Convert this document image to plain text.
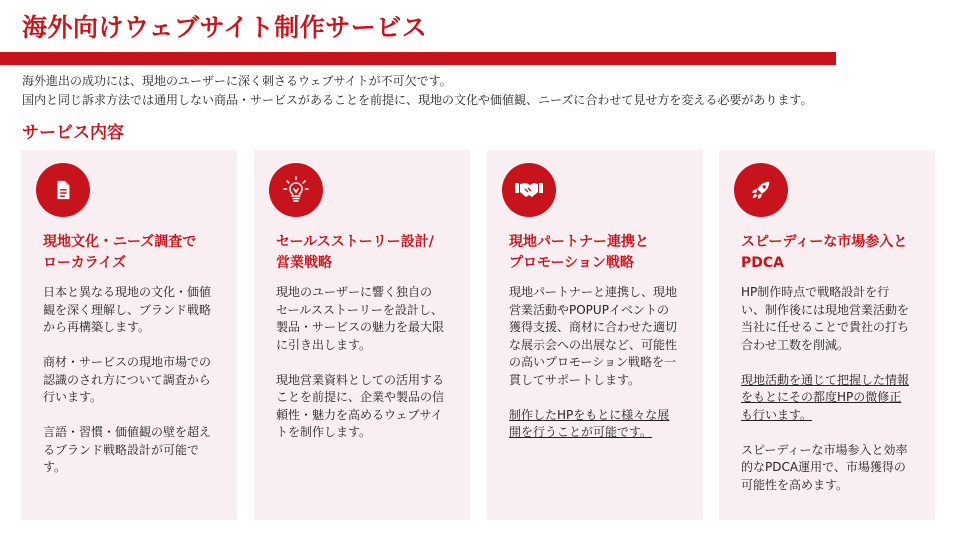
海外向けウェブサイト制作サービス
海外進出の成功には、現地のユーザーに深く刺さるウェブサイトが不可欠です。
国内と同じ訴求方法では通用しない商品・サービスがあることを前提に、現地の文化や価値観、ニーズに合わせて見せ方を変える必要があります。
サービス内容
現地文化・ニーズ調査で
ローカライズ
日本と異なる現地の文化・価値
観を深く理解し、ブランド戦略
から再構築します。
商材・サービスの現地市場での
認識のされ方について調査から
行います。
言語・習慣・価値観の壁を超え
るブランド戦略設計が可能で
す。
セールスストーリー設計/
営業戦略
現地のユーザーに響く独自の
セールスストーリーを設計し、
製品・サービスの魅力を最大限
に引き出します。
現地営業資料としての活用する
ことを前提に、企業や製品の信
頼性・魅力を高めるウェブサイ
トを制作します。
現地パートナー連携と
プロモーション戦略
現地パートナーと連携し、現地
営業活動やPOPUPイベントの
獲得支援、商材に合わせた適切
な展示会への出展など、可能性
の高いプロモーション戦略を一
貫してサポートします。
制作したHPをもとに様々な展
開を行うことが可能です。
スピーディーな市場参入と
PDCA
HP制作時点で戦略設計を行
い、制作後には現地営業活動を
当社に任せることで貴社の打ち
合わせ工数を削減。
現地活動を通じて把握した情報
をもとにその都度HPの微修正
も行います。
スピーディーな市場参入と効率
的なPDCA運用で、市場獲得の
可能性を高めます。
